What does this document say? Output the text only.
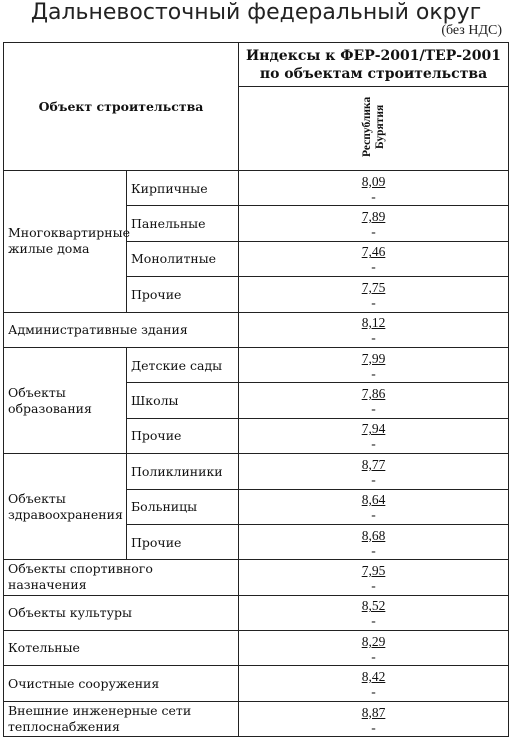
Дальневосточный федеральный округ
(без НДС)
Объект строительства		Индексы к ФЕР-2001/ТЕР-2001 по объектам строительства
		Республика Бурятия
Многоквартирные жилые дома	Кирпичные	8,09
-

	Панельные	7,89
-

	Монолитные	7,46
-

	Прочие	7,75
-

Административные здания		8,12
-

Объекты образования	Детские сады	7,99
-

	Школы	7,86
-

	Прочие	7,94
-

Объекты здравоохранения	Поликлиники	8,77
-

	Больницы	8,64
-

	Прочие	8,68
-

Объекты спортивного назначения		7,95
-

Объекты культуры		8,52
-

Котельные		8,29
-

Очистные сооружения		8,42
-

Внешние инженерные сети теплоснабжения		8,87
-
